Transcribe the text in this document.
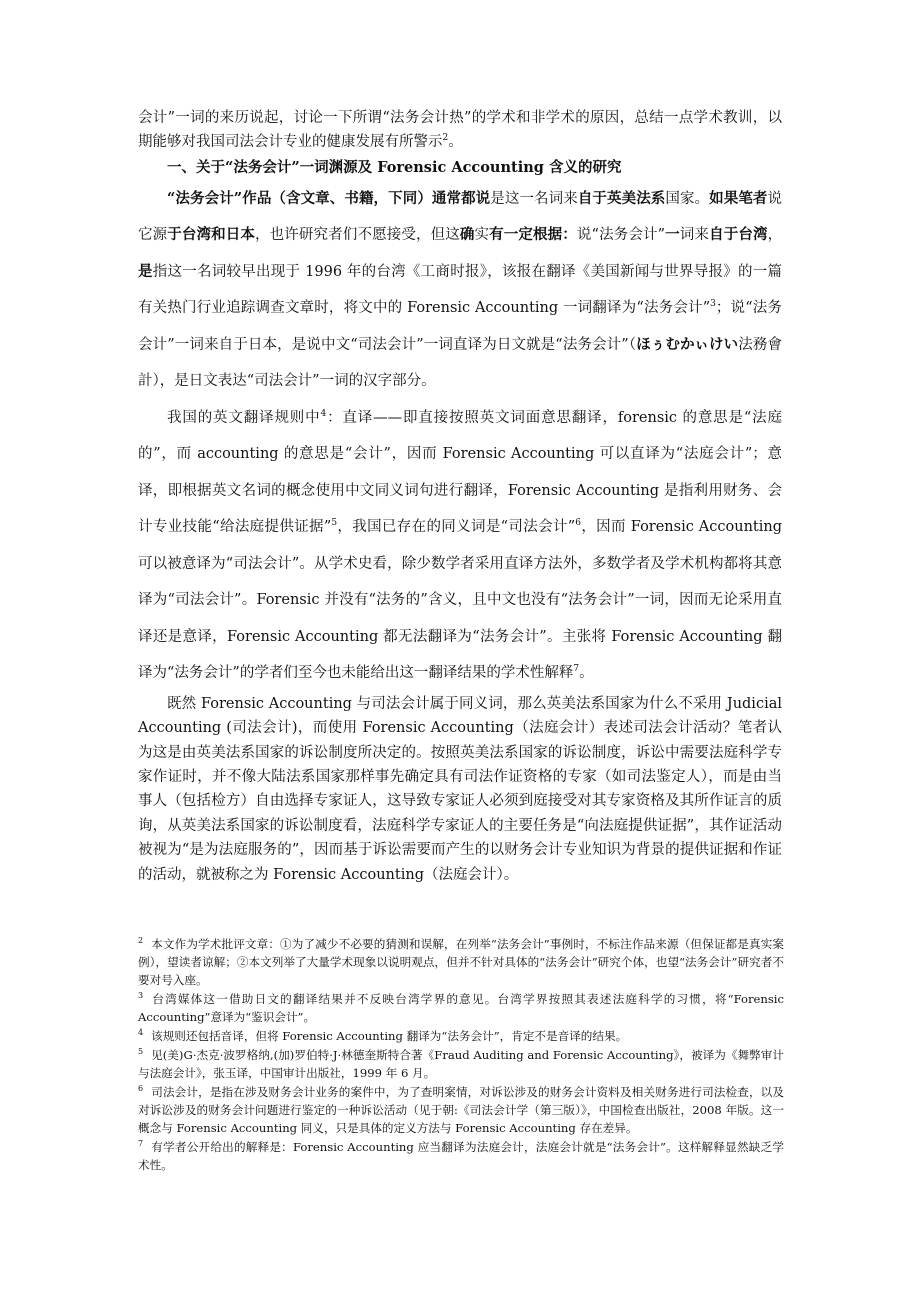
会计”一词的来历说起，讨论一下所谓“法务会计热”的学术和非学术的原因，总结一点学术教训，以期能够对我国司法会计专业的健康发展有所警示$^2$。

一、关于“法务会计”一词渊源及 Forensic Accounting 含义的研究

“法务会计”作品（含文章、书籍，下同）通常都说是这一名词来自于英美法系国家。如果笔者说它源于台湾和日本，也许研究者们不愿接受，但这确实有一定根据：说“法务会计”一词来自于台湾，是指这一名词较早出现于 1996 年的台湾《工商时报》，该报在翻译《美国新闻与世界导报》的一篇有关热门行业追踪调查文章时，将文中的 Forensic Accounting 一词翻译为“法务会计”$^3$；说“法务会计”一词来自于日本，是说中文“司法会计”一词直译为日文就是“法务会计”（ほぅむかぃけい法務會計），是日文表达“司法会计”一词的汉字部分。

我国的英文翻译规则中$^4$：直译——即直接按照英文词面意思翻译，forensic 的意思是“法庭的”，而 accounting 的意思是“会计”，因而 Forensic Accounting 可以直译为“法庭会计”；意译，即根据英文名词的概念使用中文同义词句进行翻译，Forensic Accounting 是指利用财务、会计专业技能“给法庭提供证据”$^5$，我国已存在的同义词是“司法会计”$^6$，因而 Forensic Accounting 可以被意译为“司法会计”。从学术史看，除少数学者采用直译方法外，多数学者及学术机构都将其意译为“司法会计”。Forensic 并没有“法务的”含义，且中文也没有“法务会计”一词，因而无论采用直译还是意译，Forensic Accounting 都无法翻译为“法务会计”。主张将 Forensic Accounting 翻译为“法务会计”的学者们至今也未能给出这一翻译结果的学术性解释$^7$。

既然 Forensic Accounting 与司法会计属于同义词，那么英美法系国家为什么不采用 Judicial Accounting (司法会计)，而使用 Forensic Accounting（法庭会计）表述司法会计活动？笔者认为这是由英美法系国家的诉讼制度所决定的。按照英美法系国家的诉讼制度，诉讼中需要法庭科学专家作证时，并不像大陆法系国家那样事先确定具有司法作证资格的专家（如司法鉴定人），而是由当事人（包括检方）自由选择专家证人，这导致专家证人必须到庭接受对其专家资格及其所作证言的质询，从英美法系国家的诉讼制度看，法庭科学专家证人的主要任务是“向法庭提供证据”，其作证活动被视为“是为法庭服务的”，因而基于诉讼需要而产生的以财务会计专业知识为背景的提供证据和作证的活动，就被称之为 Forensic Accounting（法庭会计）。

$^2$ 本文作为学术批评文章：①为了减少不必要的猜测和误解，在列举“法务会计”事例时，不标注作品来源（但保证都是真实案例），望读者谅解；②本文列举了大量学术现象以说明观点，但并不针对具体的“法务会计”研究个体，也望“法务会计”研究者不要对号入座。

$^3$ 台湾媒体这一借助日文的翻译结果并不反映台湾学界的意见。台湾学界按照其表述法庭科学的习惯，将“Forensic Accounting”意译为“鉴识会计”。

$^4$ 该规则还包括音译，但将 Forensic Accounting 翻译为“法务会计”，肯定不是音译的结果。

$^5$ 见(美)G·杰克·波罗格纳,(加)罗伯特·J·林德奎斯特合著《Fraud Auditing and Forensic Accounting》，被译为《舞弊审计与法庭会计》，张玉译，中国审计出版社，1999 年 6 月。

$^6$ 司法会计，是指在涉及财务会计业务的案件中，为了查明案情，对诉讼涉及的财务会计资料及相关财务进行司法检查，以及对诉讼涉及的财务会计问题进行鉴定的一种诉讼活动（见于朝:《司法会计学（第三版）》，中国检查出版社，2008 年版。这一概念与 Forensic Accounting 同义，只是具体的定义方法与 Forensic Accounting 存在差异。

$^7$ 有学者公开给出的解释是：Forensic Accounting 应当翻译为法庭会计，法庭会计就是“法务会计”。这样解释显然缺乏学术性。
